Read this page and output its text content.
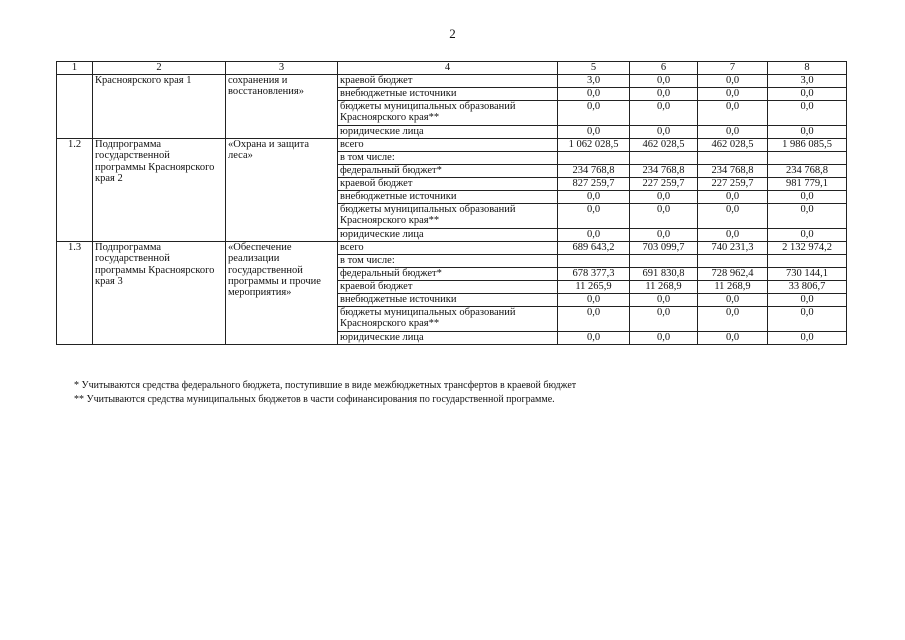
2
1	2	3	4	5	6	7	8
	Красноярского края 1	сохранения и восстановления»	краевой бюджет	3,0	0,0	0,0	3,0
			внебюджетные источники	0,0	0,0	0,0	0,0
			бюджеты муниципальных образований Красноярского края**	0,0	0,0	0,0	0,0
			юридические лица	0,0	0,0	0,0	0,0
1.2	Подпрограмма государственной программы Красноярского края 2	«Охрана и защита леса»	всего	1 062 028,5	462 028,5	462 028,5	1 986 085,5
			в том числе:				
			федеральный бюджет*	234 768,8	234 768,8	234 768,8	234 768,8
			краевой бюджет	827 259,7	227 259,7	227 259,7	981 779,1
			внебюджетные источники	0,0	0,0	0,0	0,0
			бюджеты муниципальных образований Красноярского края**	0,0	0,0	0,0	0,0
			юридические лица	0,0	0,0	0,0	0,0
1.3	Подпрограмма государственной программы Красноярского края 3	«Обеспечение реализации государственной программы и прочие мероприятия»	всего	689 643,2	703 099,7	740 231,3	2 132 974,2
			в том числе:				
			федеральный бюджет*	678 377,3	691 830,8	728 962,4	730 144,1
			краевой бюджет	11 265,9	11 268,9	11 268,9	33 806,7
			внебюджетные источники	0,0	0,0	0,0	0,0
			бюджеты муниципальных образований Красноярского края**	0,0	0,0	0,0	0,0
			юридические лица	0,0	0,0	0,0	0,0
* Учитываются средства федерального бюджета, поступившие в виде межбюджетных трансфертов в краевой бюджет
** Учитываются средства муниципальных бюджетов в части софинансирования по государственной программе.
